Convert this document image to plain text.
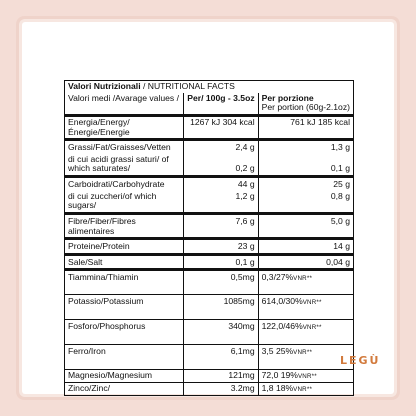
Valori Nutrizionali / NUTRITIONAL FACTS		
Valori medi /Avarage values /	Per/ 100g - 3.5oz	Per porzione
Per portion (60g-2.1oz)

Energia/Energy/Énergie/Energie	1267 kJ 304 kcal	761 kJ 185 kcal
Grassi/Fat/Graisses/Vetten	2,4 g	1,3 g
di cui acidi grassi saturi/ of which saturates/	0,2 g	0,1 g
Carboidrati/Carbohydrate	44 g	25 g
di cui zuccheri/of which sugars/	1,2 g	0,8 g
Fibre/Fiber/Fibres alimentaires	7,6 g	5,0 g
Proteine/Protein	23 g	14 g
Sale/Salt	0,1 g	0,04 g
Tiammina/Thiamin	0,5mg	0,3/27%VNR**
Potassio/Potassium	1085mg	614,0/30%VNR**
Fosforo/Phosphorus	340mg	122,0/46%VNR**
Ferro/Iron	6,1mg	3,5 25%VNR**
Magnesio/Magnesium	121mg	72,0 19%VNR**
Zinco/Zinc/	3.2mg	1,8 18%VNR**
LEGÙ
